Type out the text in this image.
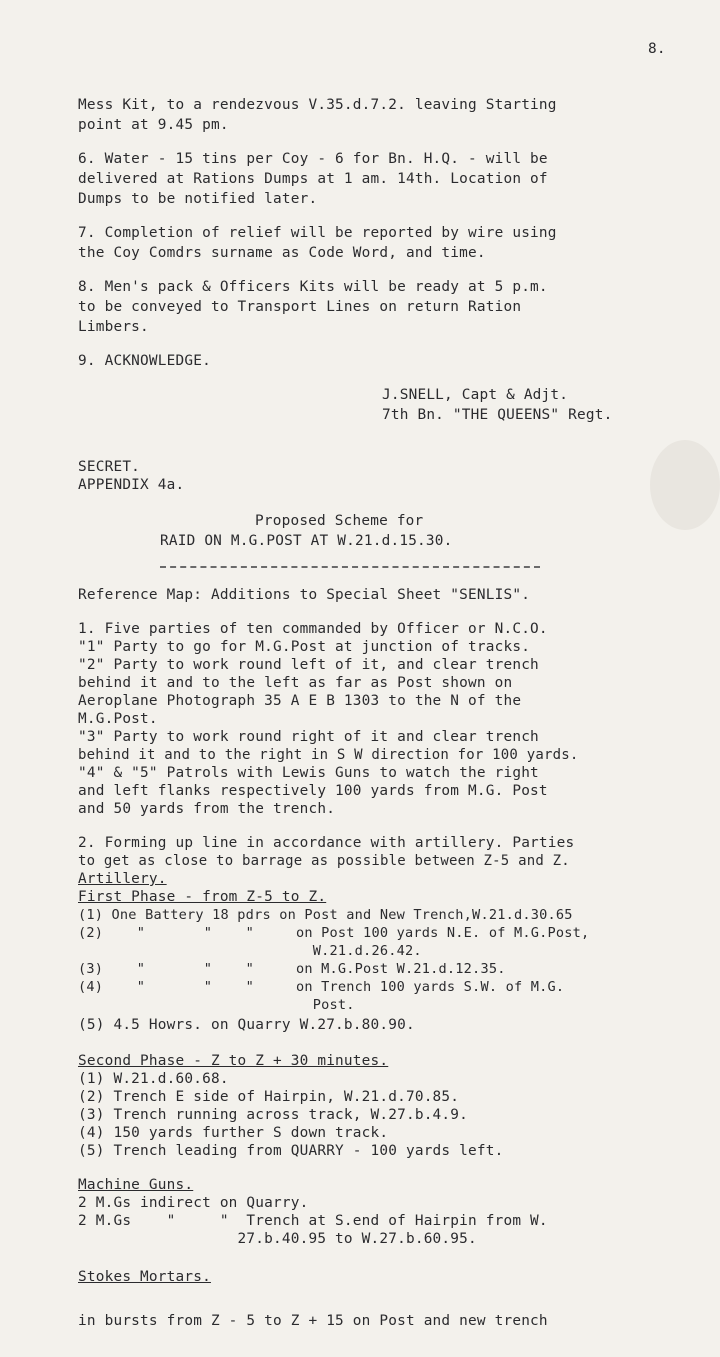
8.
Mess Kit, to a rendezvous V.35.d.7.2. leaving Starting
point at 9.45 pm.
6. Water - 15 tins per Coy - 6 for Bn. H.Q. - will be
delivered at Rations Dumps at 1 am. 14th. Location of
Dumps to be notified later.
7. Completion of relief will be reported by wire using
the Coy Comdrs surname as Code Word, and time.
8. Men's pack & Officers Kits will be ready at 5 p.m.
to be conveyed to Transport Lines on return Ration
Limbers.
9. ACKNOWLEDGE.
J.SNELL, Capt & Adjt.
7th Bn. "THE QUEENS" Regt.
SECRET.
APPENDIX 4a.
Proposed Scheme for
RAID ON M.G.POST AT W.21.d.15.30.
Reference Map: Additions to Special Sheet "SENLIS".
1. Five parties of ten commanded by Officer or N.C.O.
"1" Party to go for M.G.Post at junction of tracks.
"2" Party to work round left of it, and clear trench
behind it and to the left as far as Post shown on
Aeroplane Photograph 35 A E B 1303 to the N of the
M.G.Post.
"3" Party to work round right of it and clear trench
behind it and to the right in S W direction for 100 yards.
"4" & "5" Patrols with Lewis Guns to watch the right
and left flanks respectively 100 yards from M.G. Post
and 50 yards from the trench.
2. Forming up line in accordance with artillery. Parties
to get as close to barrage as possible between Z-5 and Z.
Artillery.
First Phase - from Z-5 to Z.
(1) One Battery 18 pdrs on Post and New Trench,W.21.d.30.65
(2)    "       "    "     on Post 100 yards N.E. of M.G.Post,
W.21.d.26.42.
(3)    "       "    "     on M.G.Post W.21.d.12.35.
(4)    "       "    "     on Trench 100 yards S.W. of M.G.
Post.
(5) 4.5 Howrs. on Quarry W.27.b.80.90.
Second Phase - Z to Z + 30 minutes.
(1) W.21.d.60.68.
(2) Trench E side of Hairpin, W.21.d.70.85.
(3) Trench running across track, W.27.b.4.9.
(4) 150 yards further S down track.
(5) Trench leading from QUARRY - 100 yards left.
Machine Guns.
2 M.Gs indirect on Quarry.
2 M.Gs    "     "  Trench at S.end of Hairpin from W.
27.b.40.95 to W.27.b.60.95.
Stokes Mortars.
in bursts from Z - 5 to Z + 15 on Post and new trench
